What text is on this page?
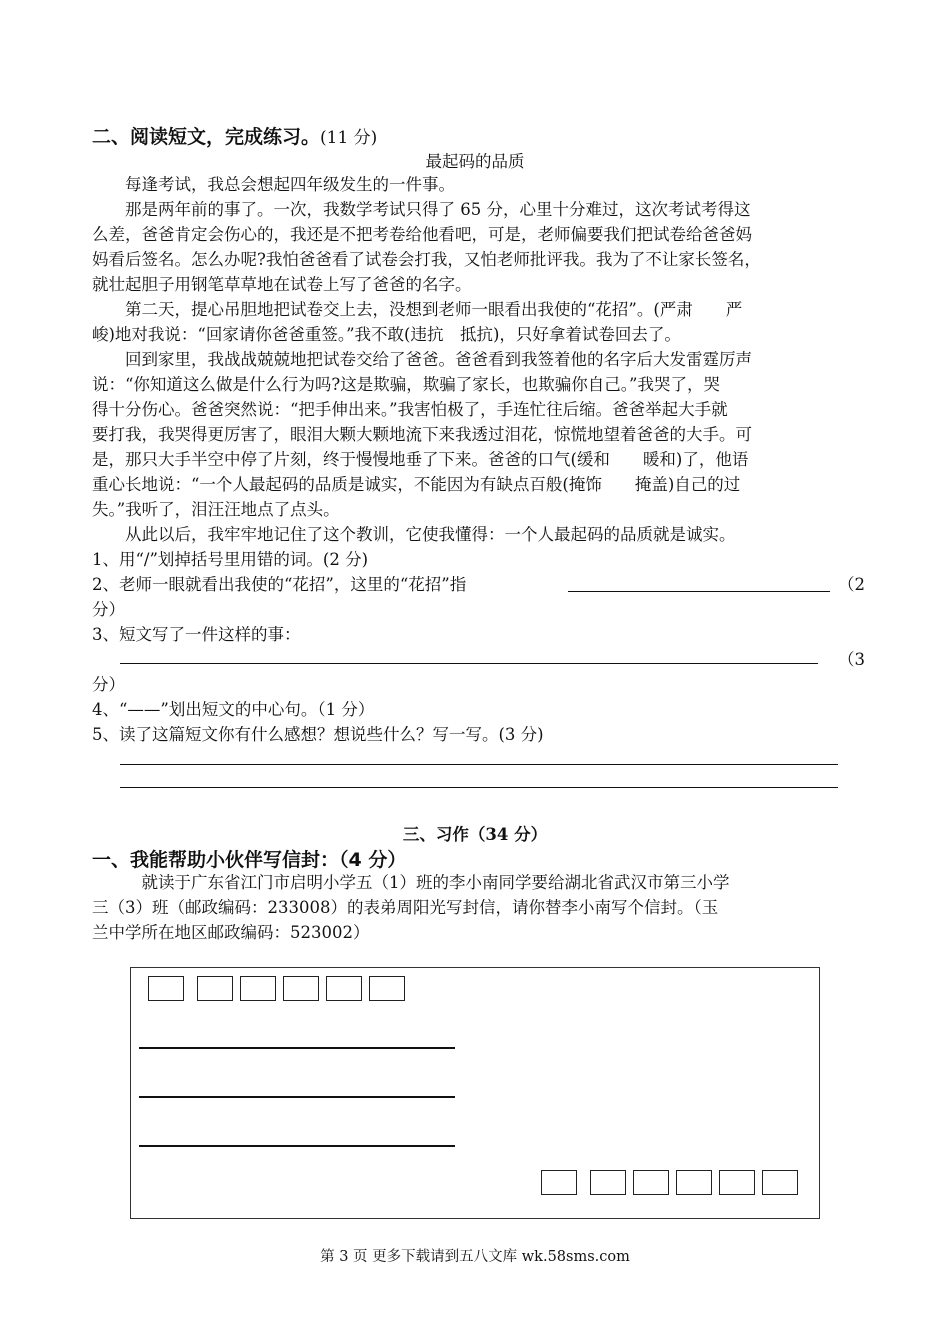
二、阅读短文，完成练习。(11 分)
最起码的品质
　　每逢考试，我总会想起四年级发生的一件事。
　　那是两年前的事了。一次，我数学考试只得了 65 分，心里十分难过，这次考试考得这
么差，爸爸肯定会伤心的，我还是不把考卷给他看吧，可是，老师偏要我们把试卷给爸爸妈
妈看后签名。怎么办呢?我怕爸爸看了试卷会打我，又怕老师批评我。我为了不让家长签名，
就壮起胆子用钢笔草草地在试卷上写了爸爸的名字。
　　第二天，提心吊胆地把试卷交上去，没想到老师一眼看出我使的“花招”。(严肃　　严
峻)地对我说：“回家请你爸爸重签。”我不敢(违抗　抵抗)，只好拿着试卷回去了。
　　回到家里，我战战兢兢地把试卷交给了爸爸。爸爸看到我签着他的名字后大发雷霆厉声
说：“你知道这么做是什么行为吗?这是欺骗，欺骗了家长，也欺骗你自己。”我哭了，哭
得十分伤心。爸爸突然说：“把手伸出来。”我害怕极了，手连忙往后缩。爸爸举起大手就
要打我，我哭得更厉害了，眼泪大颗大颗地流下来我透过泪花，惊慌地望着爸爸的大手。可
是，那只大手半空中停了片刻，终于慢慢地垂了下来。爸爸的口气(缓和　　暖和)了，他语
重心长地说：“一个人最起码的品质是诚实，不能因为有缺点百般(掩饰　　掩盖)自己的过
失。”我听了，泪汪汪地点了点头。
　　从此以后，我牢牢地记住了这个教训，它使我懂得：一个人最起码的品质就是诚实。
1、用“/”划掉括号里用错的词。(2 分)
2、老师一眼就看出我使的“花招”，这里的“花招”指	（2
分）
3、短文写了一件这样的事：
（3
分）
4、“——”划出短文的中心句。（1 分）
5、读了这篇短文你有什么感想？想说些什么？写一写。(3 分)
三、习作（34 分）
一、我能帮助小伙伴写信封：（4 分）
　　　就读于广东省江门市启明小学五（1）班的李小南同学要给湖北省武汉市第三小学
三（3）班（邮政编码：233008）的表弟周阳光写封信，请你替李小南写个信封。（玉
兰中学所在地区邮政编码：523002）
第 3 页 更多下载请到五八文库 wk.58sms.com
